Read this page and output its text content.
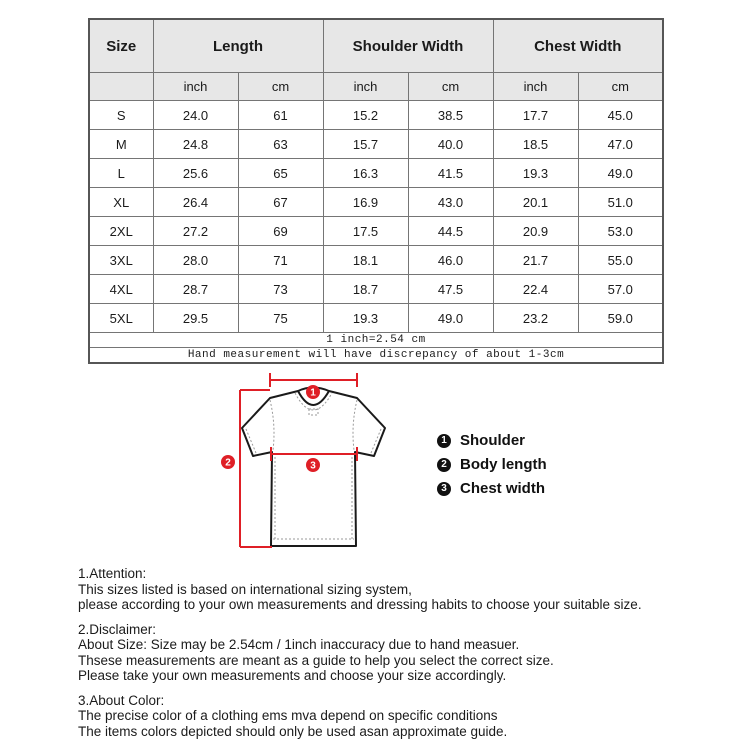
Size	Length		Shoulder Width		Chest Width	
	inch	cm	inch	cm	inch	cm
S	24.0	61	15.2	38.5	17.7	45.0
M	24.8	63	15.7	40.0	18.5	47.0
L	25.6	65	16.3	41.5	19.3	49.0
XL	26.4	67	16.9	43.0	20.1	51.0
2XL	27.2	69	17.5	44.5	20.9	53.0
3XL	28.0	71	18.1	46.0	21.7	55.0
4XL	28.7	73	18.7	47.5	22.4	57.0
5XL	29.5	75	19.3	49.0	23.2	59.0
1 inch=2.54 cm						
Hand measurement will have discrepancy of about 1-3cm						
1
2	3
1 Shoulder
2 Body length
3 Chest width
1.Attention:
This sizes listed is based on international sizing system,
please according to your own measurements and dressing habits to choose your suitable size.
2.Disclaimer:
About Size: Size may be 2.54cm / 1inch inaccuracy due to hand measuer.
Thsese measurements are meant as a guide to help you select the correct size.
Please take your own measurements and choose your size accordingly.
3.About Color:
The precise color of a clothing ems mva depend on specific conditions
The items colors depicted should only be used asan approximate guide.
